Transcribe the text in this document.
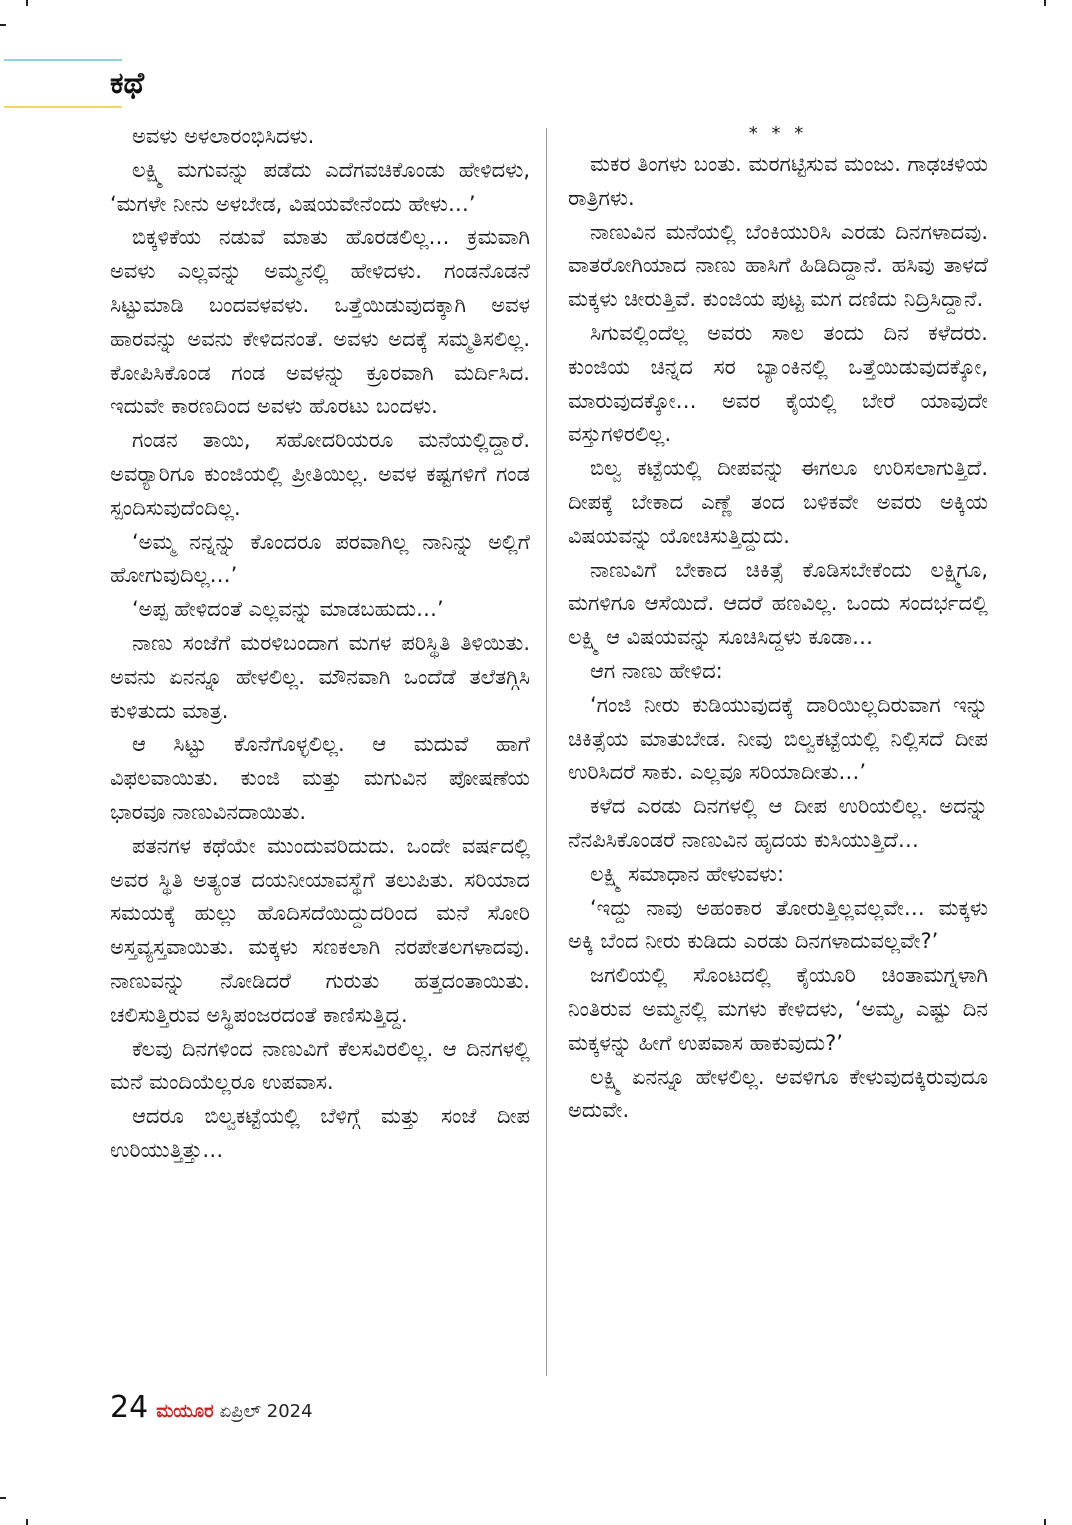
ಕಥೆ

ಅವಳು ಅಳಲಾರಂಭಿಸಿದಳು.

ಲಕ್ಷ್ಮಿ ಮಗುವನ್ನು ಪಡೆದು ಎದೆಗವಚಿಕೊಂಡು ಹೇಳಿದಳು, ‘ಮಗಳೇ ನೀನು ಅಳಬೇಡ, ವಿಷಯವೇನೆಂದು ಹೇಳು…’

ಬಿಕ್ಕಳಿಕೆಯ ನಡುವೆ ಮಾತು ಹೊರಡಲಿಲ್ಲ… ಕ್ರಮವಾಗಿ ಅವಳು ಎಲ್ಲವನ್ನು ಅಮ್ಮನಲ್ಲಿ ಹೇಳಿದಳು. ಗಂಡನೊಡನೆ ಸಿಟ್ಟುಮಾಡಿ ಬಂದವಳವಳು. ಒತ್ತೆಯಿಡುವುದಕ್ಕಾಗಿ ಅವಳ ಹಾರವನ್ನು ಅವನು ಕೇಳಿದನಂತೆ. ಅವಳು ಅದಕ್ಕೆ ಸಮ್ಮತಿಸಲಿಲ್ಲ. ಕೋಪಿಸಿಕೊಂಡ ಗಂಡ ಅವಳನ್ನು ಕ್ರೂರವಾಗಿ ಮರ್ದಿಸಿದ. ಇದುವೇ ಕಾರಣದಿಂದ ಅವಳು ಹೊರಟು ಬಂದಳು.

ಗಂಡನ ತಾಯಿ, ಸಹೋದರಿಯರೂ ಮನೆಯಲ್ಲಿದ್ದಾರೆ. ಅವರ್‍ಯಾರಿಗೂ ಕುಂಜಿಯಲ್ಲಿ ಪ್ರೀತಿಯಿಲ್ಲ. ಅವಳ ಕಷ್ಟಗಳಿಗೆ ಗಂಡ ಸ್ಪಂದಿಸುವುದೆಂದಿಲ್ಲ.

‘ಅಮ್ಮ ನನ್ನನ್ನು ಕೊಂದರೂ ಪರವಾಗಿಲ್ಲ ನಾನಿನ್ನು ಅಲ್ಲಿಗೆ ಹೋಗುವುದಿಲ್ಲ…’

‘ಅಪ್ಪ ಹೇಳಿದಂತೆ ಎಲ್ಲವನ್ನು ಮಾಡಬಹುದು…’

ನಾಣು ಸಂಜೆಗೆ ಮರಳಿಬಂದಾಗ ಮಗಳ ಪರಿಸ್ಥಿತಿ ತಿಳಿಯಿತು. ಅವನು ಏನನ್ನೂ ಹೇಳಲಿಲ್ಲ. ಮೌನವಾಗಿ ಒಂದೆಡೆ ತಲೆತಗ್ಗಿಸಿ ಕುಳಿತುದು ಮಾತ್ರ.

ಆ ಸಿಟ್ಟು ಕೊನೆಗೊಳ್ಳಲಿಲ್ಲ. ಆ ಮದುವೆ ಹಾಗೆ ವಿಫಲವಾಯಿತು. ಕುಂಜಿ ಮತ್ತು ಮಗುವಿನ ಪೋಷಣೆಯ ಭಾರವೂ ನಾಣುವಿನದಾಯಿತು.

ಪತನಗಳ ಕಥೆಯೇ ಮುಂದುವರಿದುದು. ಒಂದೇ ವರ್ಷದಲ್ಲಿ ಅವರ ಸ್ಥಿತಿ ಅತ್ಯಂತ ದಯನೀಯಾವಸ್ಥೆಗೆ ತಲುಪಿತು. ಸರಿಯಾದ ಸಮಯಕ್ಕೆ ಹುಲ್ಲು ಹೊದಿಸದೆಯಿದ್ದುದರಿಂದ ಮನೆ ಸೋರಿ ಅಸ್ತವ್ಯಸ್ತವಾಯಿತು. ಮಕ್ಕಳು ಸಣಕಲಾಗಿ ನರಪೇತಲಗಳಾದವು. ನಾಣುವನ್ನು ನೋಡಿದರೆ ಗುರುತು ಹತ್ತದಂತಾಯಿತು. ಚಲಿಸುತ್ತಿರುವ ಅಸ್ಥಿಪಂಜರದಂತೆ ಕಾಣಿಸುತ್ತಿದ್ದ.

ಕೆಲವು ದಿನಗಳಿಂದ ನಾಣುವಿಗೆ ಕೆಲಸವಿರಲಿಲ್ಲ. ಆ ದಿನಗಳಲ್ಲಿ ಮನೆ ಮಂದಿಯೆಲ್ಲರೂ ಉಪವಾಸ.

ಆದರೂ ಬಿಲ್ವಕಟ್ಟೆಯಲ್ಲಿ ಬೆಳಿಗ್ಗೆ ಮತ್ತು ಸಂಜೆ ದೀಪ ಉರಿಯುತ್ತಿತ್ತು…

* * *

ಮಕರ ತಿಂಗಳು ಬಂತು. ಮರಗಟ್ಟಿಸುವ ಮಂಜು. ಗಾಢಚಳಿಯ ರಾತ್ರಿಗಳು.

ನಾಣುವಿನ ಮನೆಯಲ್ಲಿ ಬೆಂಕಿಯುರಿಸಿ ಎರಡು ದಿನಗಳಾದವು. ವಾತರೋಗಿಯಾದ ನಾಣು ಹಾಸಿಗೆ ಹಿಡಿದಿದ್ದಾನೆ. ಹಸಿವು ತಾಳದೆ ಮಕ್ಕಳು ಚೀರುತ್ತಿವೆ. ಕುಂಜಿಯ ಪುಟ್ಟ ಮಗ ದಣಿದು ನಿದ್ರಿಸಿದ್ದಾನೆ.

ಸಿಗುವಲ್ಲಿಂದೆಲ್ಲ ಅವರು ಸಾಲ ತಂದು ದಿನ ಕಳೆದರು. ಕುಂಜಿಯ ಚಿನ್ನದ ಸರ ಬ್ಯಾಂಕಿನಲ್ಲಿ ಒತ್ತೆಯಿಡುವುದಕ್ಕೋ, ಮಾರುವುದಕ್ಕೋ… ಅವರ ಕೈಯಲ್ಲಿ ಬೇರೆ ಯಾವುದೇ ವಸ್ತುಗಳಿರಲಿಲ್ಲ.

ಬಿಲ್ವ ಕಟ್ಟೆಯಲ್ಲಿ ದೀಪವನ್ನು ಈಗಲೂ ಉರಿಸಲಾಗುತ್ತಿದೆ. ದೀಪಕ್ಕೆ ಬೇಕಾದ ಎಣ್ಣೆ ತಂದ ಬಳಿಕವೇ ಅವರು ಅಕ್ಕಿಯ ವಿಷಯವನ್ನು ಯೋಚಿಸುತ್ತಿದ್ದುದು.

ನಾಣುವಿಗೆ ಬೇಕಾದ ಚಿಕಿತ್ಸೆ ಕೊಡಿಸಬೇಕೆಂದು ಲಕ್ಷ್ಮಿಗೂ, ಮಗಳಿಗೂ ಆಸೆಯಿದೆ. ಆದರೆ ಹಣವಿಲ್ಲ. ಒಂದು ಸಂದರ್ಭದಲ್ಲಿ ಲಕ್ಷ್ಮಿ ಆ ವಿಷಯವನ್ನು ಸೂಚಿಸಿದ್ದಳು ಕೂಡಾ…

ಆಗ ನಾಣು ಹೇಳಿದ:

‘ಗಂಜಿ ನೀರು ಕುಡಿಯುವುದಕ್ಕೆ ದಾರಿಯಿಲ್ಲದಿರುವಾಗ ಇನ್ನು ಚಿಕಿತ್ಸೆಯ ಮಾತುಬೇಡ. ನೀವು ಬಿಲ್ವಕಟ್ಟೆಯಲ್ಲಿ ನಿಲ್ಲಿಸದೆ ದೀಪ ಉರಿಸಿದರೆ ಸಾಕು. ಎಲ್ಲವೂ ಸರಿಯಾದೀತು…’

ಕಳೆದ ಎರಡು ದಿನಗಳಲ್ಲಿ ಆ ದೀಪ ಉರಿಯಲಿಲ್ಲ. ಅದನ್ನು ನೆನಪಿಸಿಕೊಂಡರೆ ನಾಣುವಿನ ಹೃದಯ ಕುಸಿಯುತ್ತಿದೆ…

ಲಕ್ಷ್ಮಿ ಸಮಾಧಾನ ಹೇಳುವಳು:

‘ಇದ್ದು ನಾವು ಅಹಂಕಾರ ತೋರುತ್ತಿಲ್ಲವಲ್ಲವೇ… ಮಕ್ಕಳು ಅಕ್ಕಿ ಬೆಂದ ನೀರು ಕುಡಿದು ಎರಡು ದಿನಗಳಾದುವಲ್ಲವೇ?’

ಜಗಲಿಯಲ್ಲಿ ಸೊಂಟದಲ್ಲಿ ಕೈಯೂರಿ ಚಿಂತಾಮಗ್ನಳಾಗಿ ನಿಂತಿರುವ ಅಮ್ಮನಲ್ಲಿ ಮಗಳು ಕೇಳಿದಳು, ‘ಅಮ್ಮ, ಎಷ್ಟು ದಿನ ಮಕ್ಕಳನ್ನು ಹೀಗೆ ಉಪವಾಸ ಹಾಕುವುದು?’

ಲಕ್ಷ್ಮಿ ಏನನ್ನೂ ಹೇಳಲಿಲ್ಲ. ಅವಳಿಗೂ ಕೇಳುವುದಕ್ಕಿರುವುದೂ ಅದುವೇ.

24 ಮಯೂರ ಏಪ್ರಿಲ್ 2024
